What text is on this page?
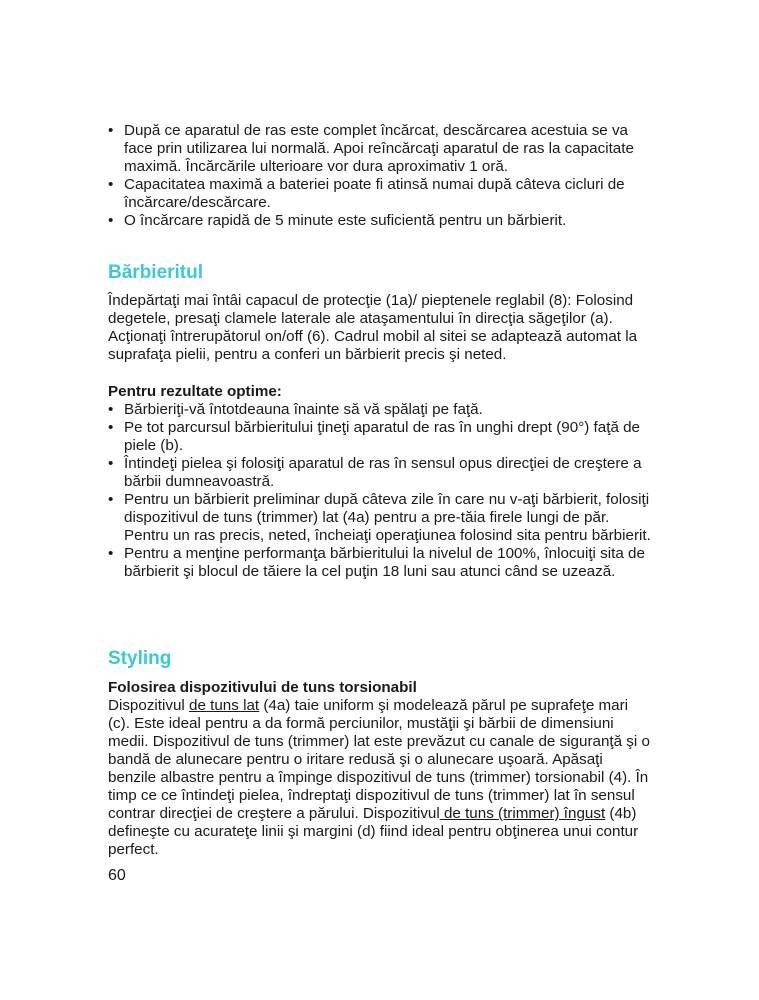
• După ce aparatul de ras este complet încărcat, descărcarea acestuia se va face prin utilizarea lui normală. Apoi reîncărcaţi aparatul de ras la capacitate maximă. Încărcările ulterioare vor dura aproximativ 1 oră.
• Capacitatea maximă a bateriei poate fi atinsă numai după câteva cicluri de încărcare/descărcare.
• O încărcare rapidă de 5 minute este suficientă pentru un bărbierit.
Bărbieritul

Îndepărtaţi mai întâi capacul de protecţie (1a)/ pieptenele reglabil (8): Folosind degetele, presaţi clamele laterale ale ataşamentului în direcţia săgeţilor (a). Acţionaţi întrerupătorul on/off (6). Cadrul mobil al sitei se adaptează automat la suprafaţa pielii, pentru a conferi un bărbierit precis şi neted.

Pentru rezultate optime:
• Bărbieriţi-vă întotdeauna înainte să vă spălaţi pe faţă.
• Pe tot parcursul bărbieritului ţineţi aparatul de ras în unghi drept (90°) faţă de piele (b).
• Întindeţi pielea şi folosiţi aparatul de ras în sensul opus direcţiei de creştere a bărbii dumneavoastră.
• Pentru un bărbierit preliminar după câteva zile în care nu v-aţi bărbierit, folosiţi dispozitivul de tuns (trimmer) lat (4a) pentru a pre-tăia firele lungi de păr. Pentru un ras precis, neted, încheiaţi operaţiunea folosind sita pentru bărbierit.
• Pentru a menţine performanţa bărbieritului la nivelul de 100%, înlocuiţi sita de bărbierit şi blocul de tăiere la cel puţin 18 luni sau atunci când se uzează.
Styling
Folosirea dispozitivului de tuns torsionabil

Dispozitivul de tuns lat (4a) taie uniform şi modelează părul pe suprafeţe mari (c). Este ideal pentru a da formă perciunilor, mustăţii şi bărbii de dimensiuni medii. Dispozitivul de tuns (trimmer) lat este prevăzut cu canale de siguranţă şi o bandă de alunecare pentru o iritare redusă şi o alunecare uşoară. Apăsaţi benzile albastre pentru a împinge dispozitivul de tuns (trimmer) torsionabil (4). În timp ce ce întindeţi pielea, îndreptaţi dispozitivul de tuns (trimmer) lat în sensul contrar direcţiei de creştere a părului. Dispozitivul de tuns (trimmer) îngust (4b) defineşte cu acurateţe linii şi margini (d) fiind ideal pentru obţinerea unui contur perfect.

60
